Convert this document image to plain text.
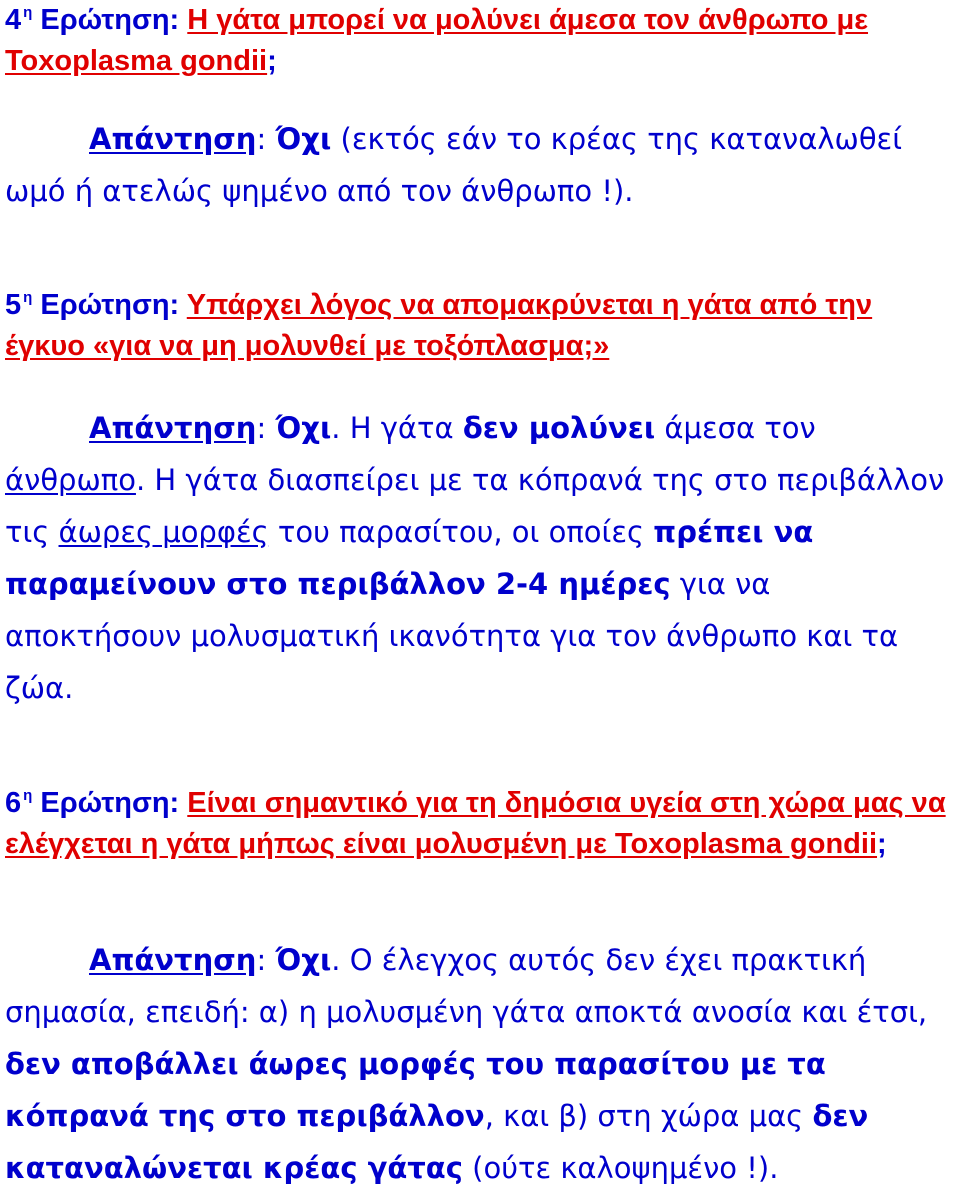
4 $^\eta$ Ερώτηση: Η γάτα μπορεί να μολύνει άμεσα τον άνθρωπο με Toxoplasma gondii;

Απάντηση: Όχι (εκτός εάν το κρέας της καταναλωθεί ωμό ή ατελώς ψημένο από τον άνθρωπο !).

5 $^\eta$ Ερώτηση: Υπάρχει λόγος να απομακρύνεται η γάτα από την έγκυο «για να μη μολυνθεί με τοξόπλασμα;»

Απάντηση: Όχι. Η γάτα δεν μολύνει άμεσα τον άνθρωπο. Η γάτα διασπείρει με τα κόπρανά της στο περιβάλλον τις άωρες μορφές του παρασίτου, οι οποίες πρέπει να παραμείνουν στο περιβάλλον 2-4 ημέρες για να αποκτήσουν μολυσματική ικανότητα για τον άνθρωπο και τα ζώα.

6 $^\eta$ Ερώτηση: Είναι σημαντικό για τη δημόσια υγεία στη χώρα μας να ελέγχεται η γάτα μήπως είναι μολυσμένη με Toxoplasma gondii;

Απάντηση: Όχι. Ο έλεγχος αυτός δεν έχει πρακτική σημασία, επειδή: α) η μολυσμένη γάτα αποκτά ανοσία και έτσι, δεν αποβάλλει άωρες μορφές του παρασίτου με τα κόπρανά της στο περιβάλλον, και β) στη χώρα μας δεν καταναλώνεται κρέας γάτας (ούτε καλοψημένο !).
